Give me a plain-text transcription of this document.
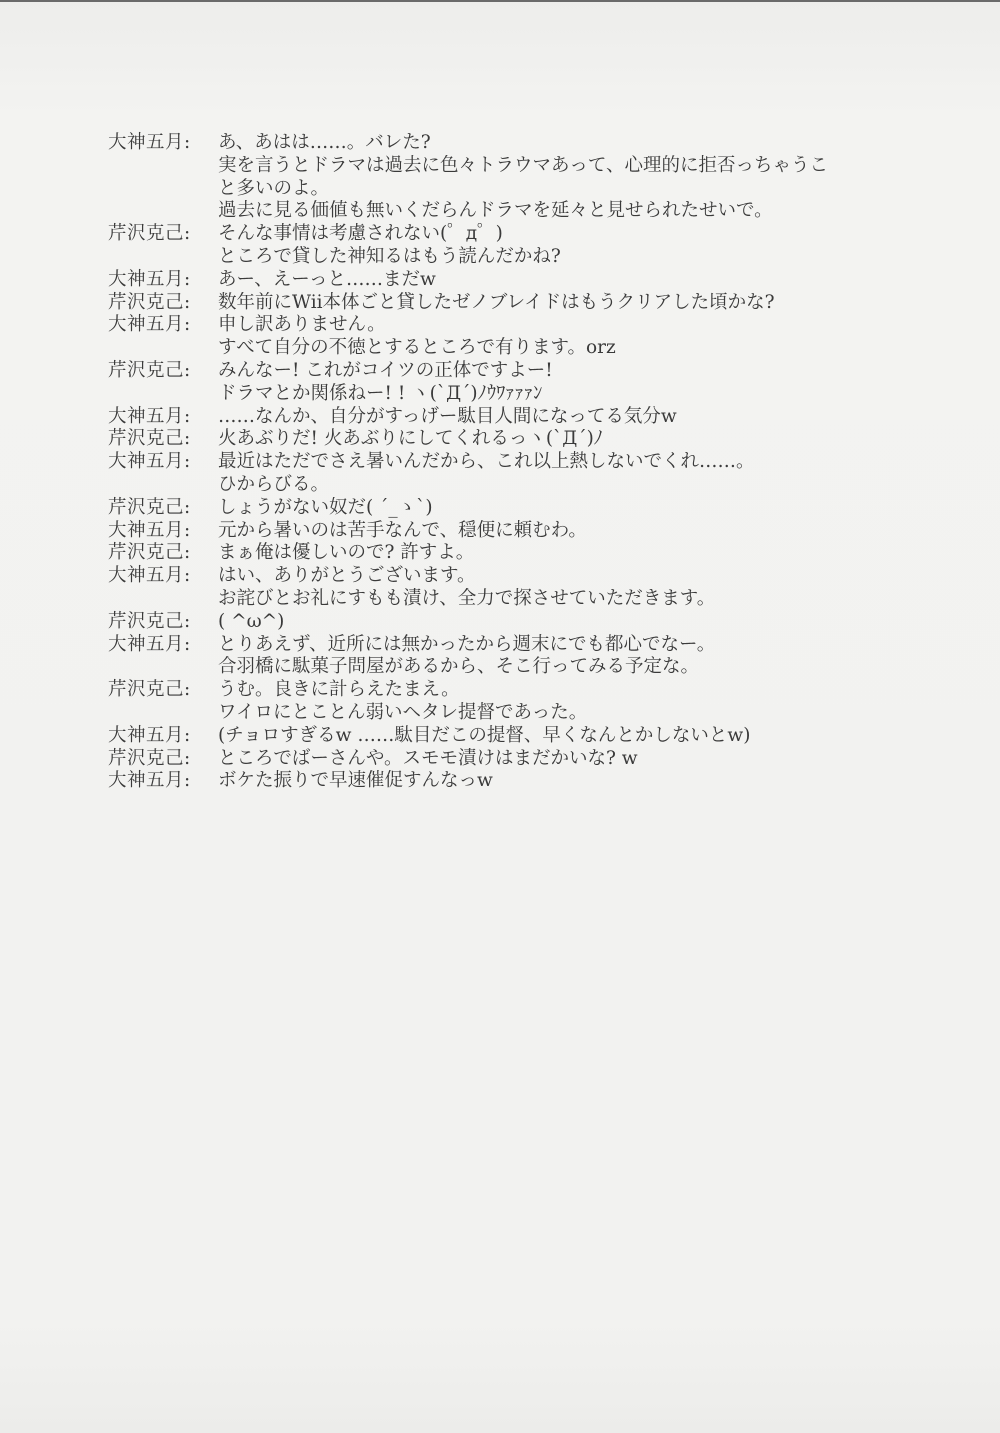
大神五月:	あ、あはは……。バレた?
実を言うとドラマは過去に色々トラウマあって、心理的に拒否っちゃうこ
と多いのよ。
過去に見る価値も無いくだらんドラマを延々と見せられたせいで。
芹沢克己:	そんな事情は考慮されない(゜д゜)
ところで貸した神知るはもう読んだかね?
大神五月:	あー、えーっと……まだw
芹沢克己:	数年前にWii本体ごと貸したゼノブレイドはもうクリアした頃かな?
大神五月:	申し訳ありません。
すべて自分の不徳とするところで有ります。orz
芹沢克己:	みんなー! これがコイツの正体ですよー!
ドラマとか関係ねー! ! ヽ(`Д´)ﾉｳﾜｧｧｧﾝ
大神五月:	……なんか、自分がすっげー駄目人間になってる気分w
芹沢克己:	火あぶりだ! 火あぶりにしてくれるっヽ(`Д´)ﾉ
大神五月:	最近はただでさえ暑いんだから、これ以上熱しないでくれ……。
ひからびる。
芹沢克己:	しょうがない奴だ( ´_ゝ`)
大神五月:	元から暑いのは苦手なんで、穏便に頼むわ。
芹沢克己:	まぁ俺は優しいので? 許すよ。
大神五月:	はい、ありがとうございます。
お詫びとお礼にすもも漬け、全力で探させていただきます。
芹沢克己:	( ^ω^)
大神五月:	とりあえず、近所には無かったから週末にでも都心でなー。
合羽橋に駄菓子問屋があるから、そこ行ってみる予定な。
芹沢克己:	うむ。良きに計らえたまえ。
ワイロにとことん弱いヘタレ提督であった。
大神五月:	(チョロすぎるw ……駄目だこの提督、早くなんとかしないとw)
芹沢克己:	ところでばーさんや。スモモ漬けはまだかいな? w
大神五月:	ボケた振りで早速催促すんなっw
